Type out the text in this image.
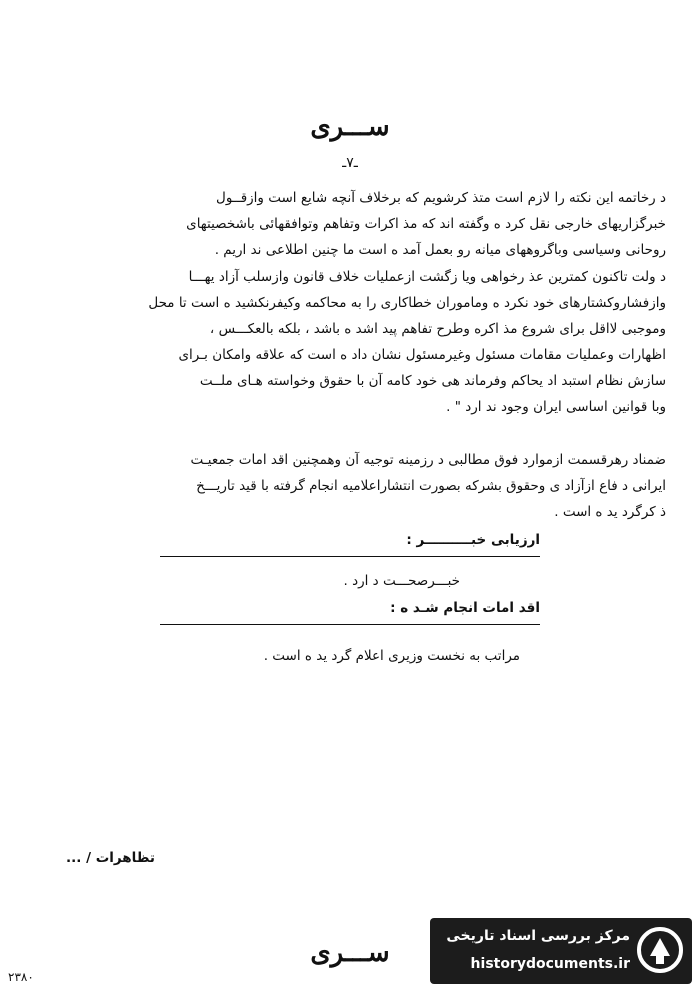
ســـری
ـ۷ـ
د رخاتمه این نکته را لازم است متذ کرشویم که برخلاف آنچه شایع است وازقــول
خبرگزاریهای خارجی نقل کرد ه وگفته اند که مذ اکرات وتفاهم وتوافقهائی باشخصیتهای
روحانی وسیاسی وباگروههای میانه رو بعمل آمد ه است ما چنین اطلاعی ند اریم .
د ولت تاکنون کمترین عذ رخواهی ویا زگشت ازعملیات خلاف قانون وازسلب آزاد یهـــا
وازفشاروکشتارهای خود نکرد ه وماموران خطاکاری را به محاکمه وکیفرنکشید ه است تا محل
وموجبی لااقل برای شروع مذ اکره وطرح تفاهم پید اشد ه باشد ، بلکه بالعکـــس ،
اظهارات وعملیات مقامات مسئول وغیرمسئول نشان داد ه است که علاقه وامکان بـرای
سازش نظام استبد اد یحاکم وفرماند هی خود کامه آن با حقوق وخواسته هـای ملــت
وبا قوانین اساسی ایران وجود ند ارد " .
ضمناد رهرقسمت ازموارد فوق مطالبی د رزمینه توجیه آن وهمچنین اقد امات جمعیـت
ایرانی د فاع ازآزاد ی وحقوق بشرکه بصورت انتشاراعلامیه انجام گرفته با قید تاریـــخ
ذ کرگرد ید ه است .
ارزیابی خبــــــــــر :
خبـــرصحـــت د ارد .
اقد امات انجام شـد ه :
مراتب به نخست وزیری اعلام گرد ید ه است .
تظاهرات / ...
ســـری
۲۳۸۰
مرکز بررسی اسناد تاریخی
historydocuments.ir
